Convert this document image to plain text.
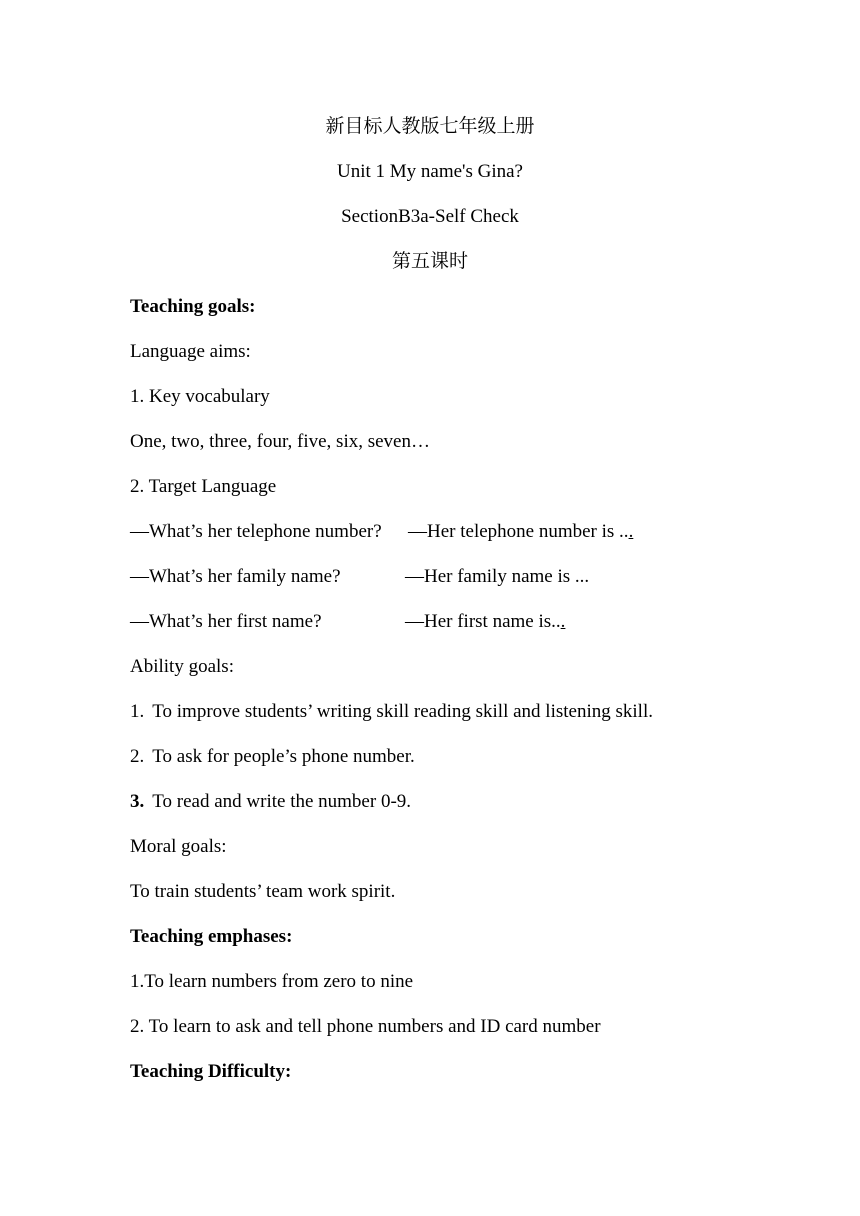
新目标人教版七年级上册
Unit 1 My name's Gina?
SectionB3a-Self Check
第五课时
Teaching goals:
Language aims:
1. Key vocabulary
One, two, three, four, five, six, seven…
2. Target Language
—What’s her telephone number? —Her telephone number is ...
—What’s her family name?	—Her family name is ...
—What’s her first name?	—Her first name is...
Ability goals:
1. To improve students’ writing skill reading skill and listening skill.
2. To ask for people’s phone number.
3. To read and write the number 0-9.
Moral goals:
To train students’ team work spirit.
Teaching emphases:
1.To learn numbers from zero to nine
2. To learn to ask and tell phone numbers and ID card number
Teaching Difficulty:
